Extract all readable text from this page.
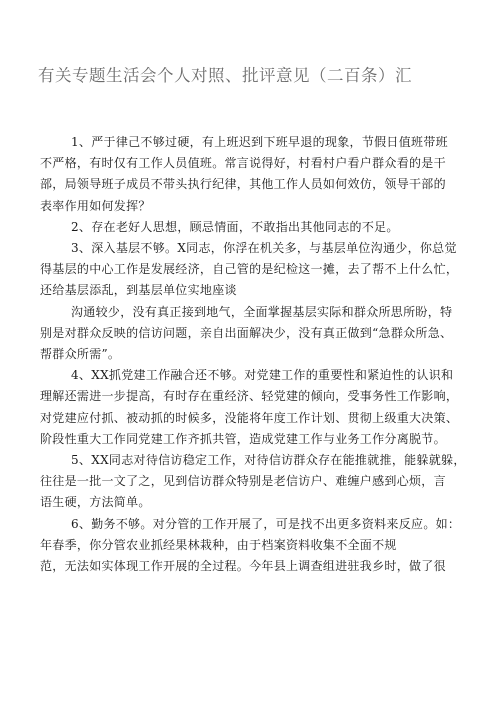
有关专题生活会个人对照、批评意见（二百条）汇

1、严于律己不够过硬，有上班迟到下班早退的现象，节假日值班带班

不严格，有时仅有工作人员值班。常言说得好，村看村户看户群众看的是干

部，局领导班子成员不带头执行纪律，其他工作人员如何效仿，领导干部的

表率作用如何发挥？

2、存在老好人思想，顾忌情面，不敢指出其他同志的不足。

3、深入基层不够。X同志，你浮在机关多，与基层单位沟通少，你总觉

得基层的中心工作是发展经济，自己管的是纪检这一摊，去了帮不上什么忙，

还给基层添乱，到基层单位实地座谈

沟通较少，没有真正接到地气，全面掌握基层实际和群众所思所盼，特

别是对群众反映的信访问题，亲自出面解决少，没有真正做到“急群众所急、

帮群众所需”。

4、XX抓党建工作融合还不够。对党建工作的重要性和紧迫性的认识和

理解还需进一步提高，有时存在重经济、轻党建的倾向，受事务性工作影响，

对党建应付抓、被动抓的时候多，没能将年度工作计划、贯彻上级重大决策、

阶段性重大工作同党建工作齐抓共管，造成党建工作与业务工作分离脱节。

5、XX同志对待信访稳定工作，对待信访群众存在能推就推，能躲就躲，

往往是一批一文了之，见到信访群众特别是老信访户、难缠户感到心烦，言

语生硬，方法简单。

6、勤务不够。对分管的工作开展了，可是找不出更多资料来反应。如：

年春季，你分管农业抓经果林栽种，由于档案资料收集不全面不规

范，无法如实体现工作开展的全过程。今年县上调查组进驻我乡时，做了很
